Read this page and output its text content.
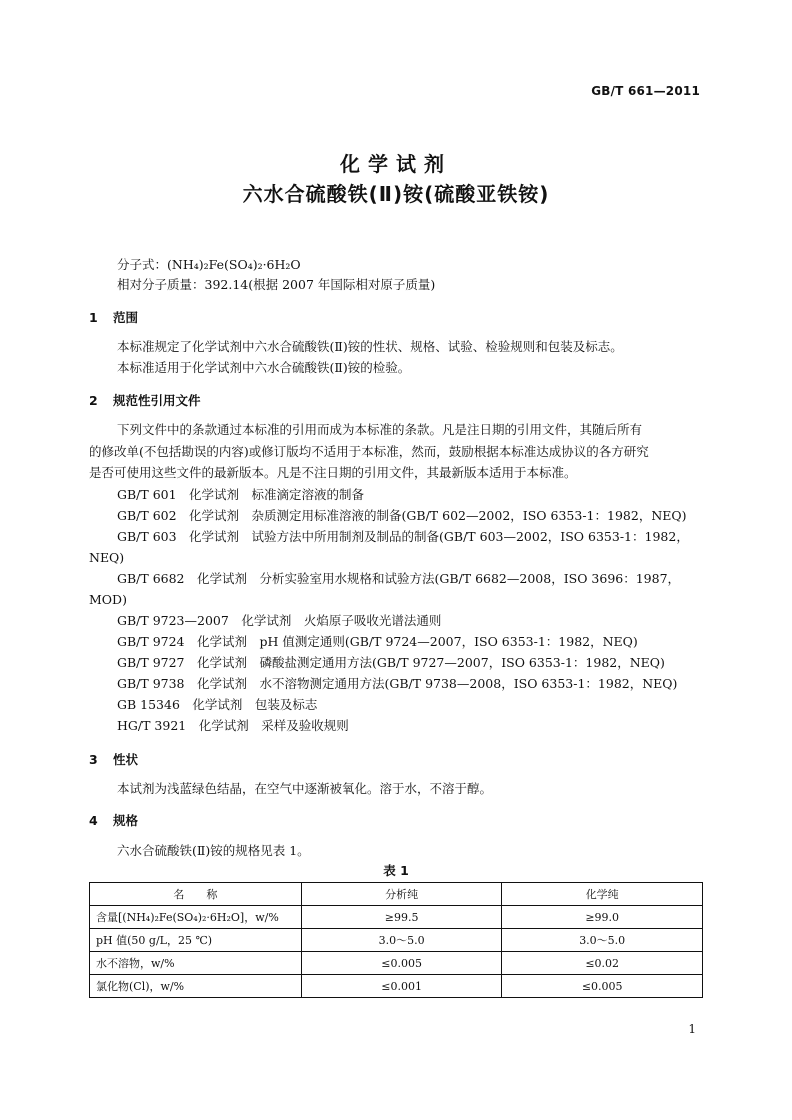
GB/T 661—2011
化学试剂
六水合硫酸铁(Ⅱ)铵(硫酸亚铁铵)
分子式：(NH₄)₂Fe(SO₄)₂·6H₂O
相对分子质量：392.14(根据 2007 年国际相对原子质量)
1 范围
本标准规定了化学试剂中六水合硫酸铁(Ⅱ)铵的性状、规格、试验、检验规则和包装及标志。
本标准适用于化学试剂中六水合硫酸铁(Ⅱ)铵的检验。
2 规范性引用文件
下列文件中的条款通过本标准的引用而成为本标准的条款。凡是注日期的引用文件，其随后所有
的修改单(不包括勘误的内容)或修订版均不适用于本标准，然而，鼓励根据本标准达成协议的各方研究
是否可使用这些文件的最新版本。凡是不注日期的引用文件，其最新版本适用于本标准。
GB/T 601　化学试剂　标准滴定溶液的制备
GB/T 602　化学试剂　杂质测定用标准溶液的制备(GB/T 602—2002，ISO 6353-1：1982，NEQ)
GB/T 603　化学试剂　试验方法中所用制剂及制品的制备(GB/T 603—2002，ISO 6353-1：1982，
NEQ)
GB/T 6682　化学试剂　分析实验室用水规格和试验方法(GB/T 6682—2008，ISO 3696：1987，
MOD)
GB/T 9723—2007　化学试剂　火焰原子吸收光谱法通则
GB/T 9724　化学试剂　pH 值测定通则(GB/T 9724—2007，ISO 6353-1：1982，NEQ)
GB/T 9727　化学试剂　磷酸盐测定通用方法(GB/T 9727—2007，ISO 6353-1：1982，NEQ)
GB/T 9738　化学试剂　水不溶物测定通用方法(GB/T 9738—2008，ISO 6353-1：1982，NEQ)
GB 15346　化学试剂　包装及标志
HG/T 3921　化学试剂　采样及验收规则
3 性状
本试剂为浅蓝绿色结晶，在空气中逐渐被氧化。溶于水，不溶于醇。
4 规格
六水合硫酸铁(Ⅱ)铵的规格见表 1。
表 1
名　　称	分析纯	化学纯
含量[(NH₄)₂Fe(SO₄)₂·6H₂O]，w/%	≥99.5	≥99.0
pH 值(50 g/L，25 ℃)	3.0～5.0	3.0～5.0
水不溶物，w/%	≤0.005	≤0.02
氯化物(Cl)，w/%	≤0.001	≤0.005
1
